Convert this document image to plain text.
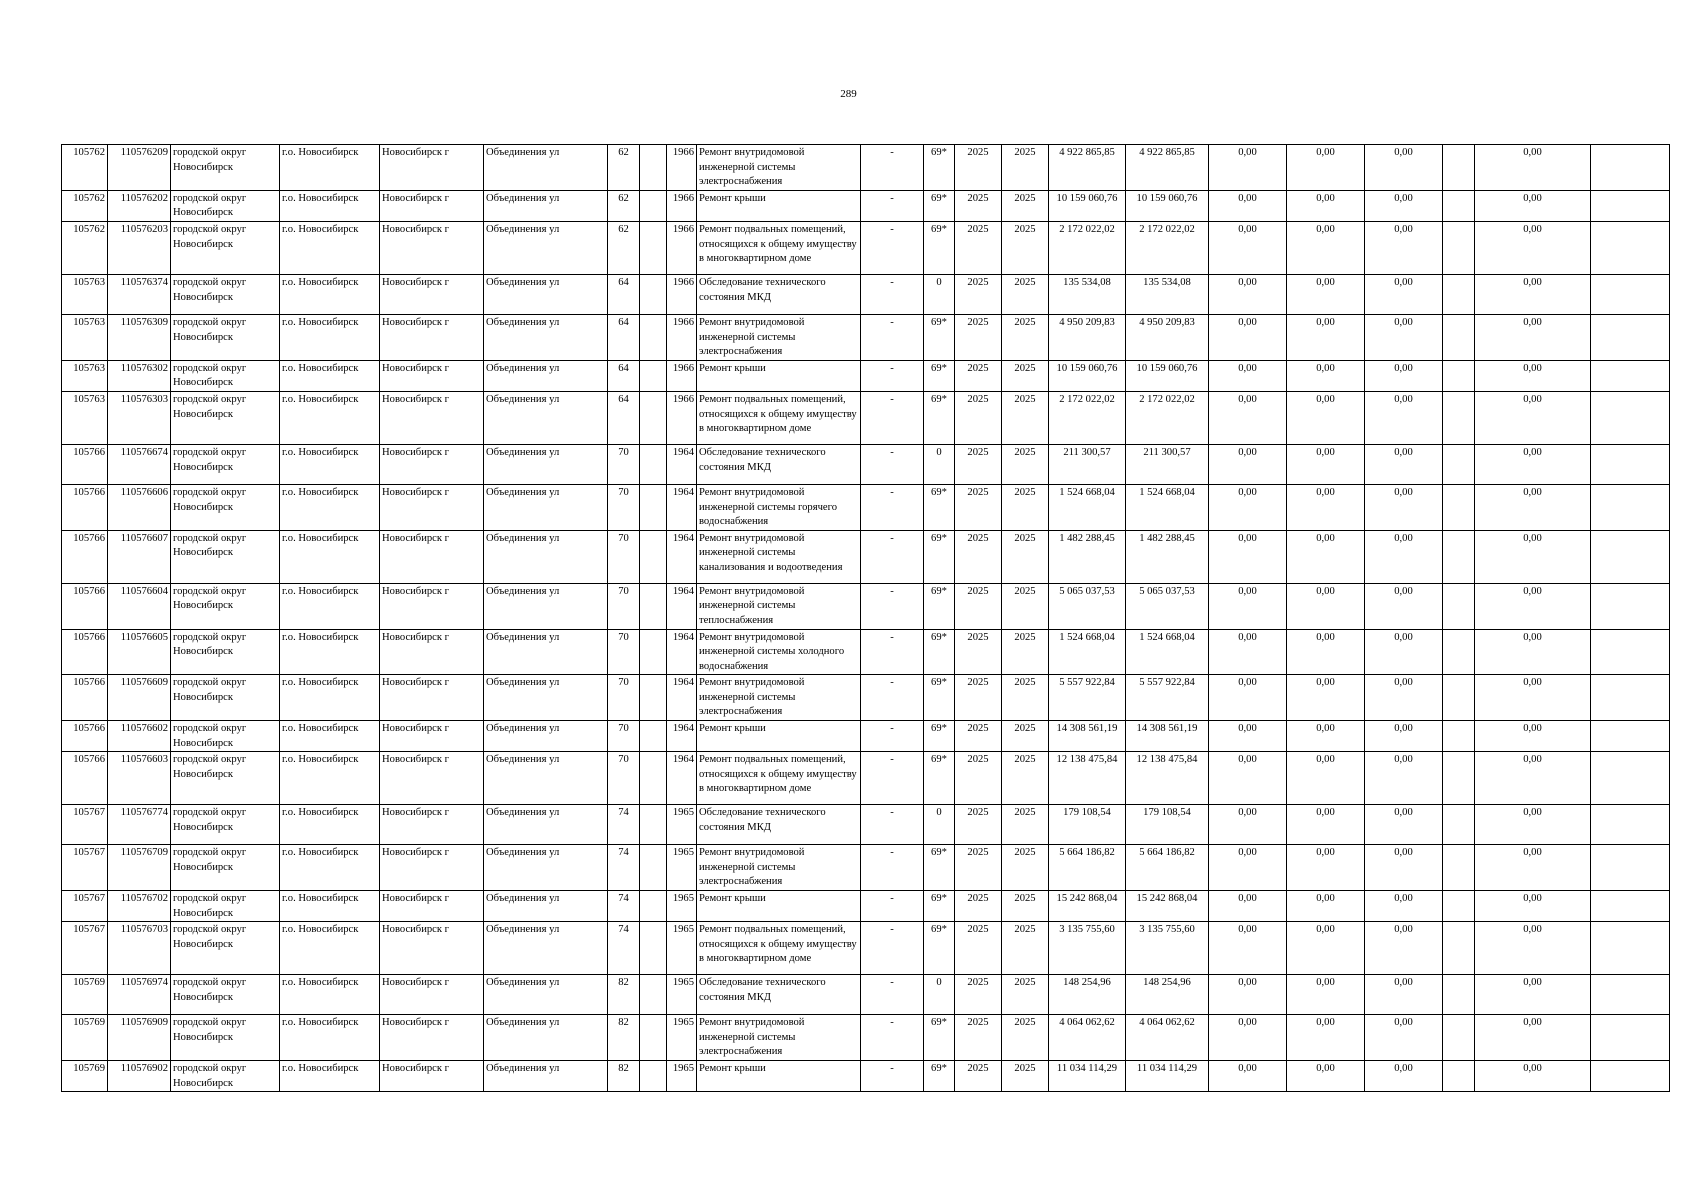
289
105762	110576209	городской округ Новосибирск	г.о. Новосибирск	Новосибирск г	Объединения ул	62		1966	Ремонт внутридомовой инженерной системы электроснабжения	-	69*	2025	2025	4 922 865,85	4 922 865,85	0,00	0,00	0,00		0,00	
105762	110576202	городской округ Новосибирск	г.о. Новосибирск	Новосибирск г	Объединения ул	62		1966	Ремонт крыши	-	69*	2025	2025	10 159 060,76	10 159 060,76	0,00	0,00	0,00		0,00	
105762	110576203	городской округ Новосибирск	г.о. Новосибирск	Новосибирск г	Объединения ул	62		1966	Ремонт подвальных помещений, относящихся к общему имуществу в многоквартирном доме	-	69*	2025	2025	2 172 022,02	2 172 022,02	0,00	0,00	0,00		0,00	
105763	110576374	городской округ Новосибирск	г.о. Новосибирск	Новосибирск г	Объединения ул	64		1966	Обследование технического состояния МКД	-	0	2025	2025	135 534,08	135 534,08	0,00	0,00	0,00		0,00	
105763	110576309	городской округ Новосибирск	г.о. Новосибирск	Новосибирск г	Объединения ул	64		1966	Ремонт внутридомовой инженерной системы электроснабжения	-	69*	2025	2025	4 950 209,83	4 950 209,83	0,00	0,00	0,00		0,00	
105763	110576302	городской округ Новосибирск	г.о. Новосибирск	Новосибирск г	Объединения ул	64		1966	Ремонт крыши	-	69*	2025	2025	10 159 060,76	10 159 060,76	0,00	0,00	0,00		0,00	
105763	110576303	городской округ Новосибирск	г.о. Новосибирск	Новосибирск г	Объединения ул	64		1966	Ремонт подвальных помещений, относящихся к общему имуществу в многоквартирном доме	-	69*	2025	2025	2 172 022,02	2 172 022,02	0,00	0,00	0,00		0,00	
105766	110576674	городской округ Новосибирск	г.о. Новосибирск	Новосибирск г	Объединения ул	70		1964	Обследование технического состояния МКД	-	0	2025	2025	211 300,57	211 300,57	0,00	0,00	0,00		0,00	
105766	110576606	городской округ Новосибирск	г.о. Новосибирск	Новосибирск г	Объединения ул	70		1964	Ремонт внутридомовой инженерной системы горячего водоснабжения	-	69*	2025	2025	1 524 668,04	1 524 668,04	0,00	0,00	0,00		0,00	
105766	110576607	городской округ Новосибирск	г.о. Новосибирск	Новосибирск г	Объединения ул	70		1964	Ремонт внутридомовой инженерной системы канализования и водоотведения	-	69*	2025	2025	1 482 288,45	1 482 288,45	0,00	0,00	0,00		0,00	
105766	110576604	городской округ Новосибирск	г.о. Новосибирск	Новосибирск г	Объединения ул	70		1964	Ремонт внутридомовой инженерной системы теплоснабжения	-	69*	2025	2025	5 065 037,53	5 065 037,53	0,00	0,00	0,00		0,00	
105766	110576605	городской округ Новосибирск	г.о. Новосибирск	Новосибирск г	Объединения ул	70		1964	Ремонт внутридомовой инженерной системы холодного водоснабжения	-	69*	2025	2025	1 524 668,04	1 524 668,04	0,00	0,00	0,00		0,00	
105766	110576609	городской округ Новосибирск	г.о. Новосибирск	Новосибирск г	Объединения ул	70		1964	Ремонт внутридомовой инженерной системы электроснабжения	-	69*	2025	2025	5 557 922,84	5 557 922,84	0,00	0,00	0,00		0,00	
105766	110576602	городской округ Новосибирск	г.о. Новосибирск	Новосибирск г	Объединения ул	70		1964	Ремонт крыши	-	69*	2025	2025	14 308 561,19	14 308 561,19	0,00	0,00	0,00		0,00	
105766	110576603	городской округ Новосибирск	г.о. Новосибирск	Новосибирск г	Объединения ул	70		1964	Ремонт подвальных помещений, относящихся к общему имуществу в многоквартирном доме	-	69*	2025	2025	12 138 475,84	12 138 475,84	0,00	0,00	0,00		0,00	
105767	110576774	городской округ Новосибирск	г.о. Новосибирск	Новосибирск г	Объединения ул	74		1965	Обследование технического состояния МКД	-	0	2025	2025	179 108,54	179 108,54	0,00	0,00	0,00		0,00	
105767	110576709	городской округ Новосибирск	г.о. Новосибирск	Новосибирск г	Объединения ул	74		1965	Ремонт внутридомовой инженерной системы электроснабжения	-	69*	2025	2025	5 664 186,82	5 664 186,82	0,00	0,00	0,00		0,00	
105767	110576702	городской округ Новосибирск	г.о. Новосибирск	Новосибирск г	Объединения ул	74		1965	Ремонт крыши	-	69*	2025	2025	15 242 868,04	15 242 868,04	0,00	0,00	0,00		0,00	
105767	110576703	городской округ Новосибирск	г.о. Новосибирск	Новосибирск г	Объединения ул	74		1965	Ремонт подвальных помещений, относящихся к общему имуществу в многоквартирном доме	-	69*	2025	2025	3 135 755,60	3 135 755,60	0,00	0,00	0,00		0,00	
105769	110576974	городской округ Новосибирск	г.о. Новосибирск	Новосибирск г	Объединения ул	82		1965	Обследование технического состояния МКД	-	0	2025	2025	148 254,96	148 254,96	0,00	0,00	0,00		0,00	
105769	110576909	городской округ Новосибирск	г.о. Новосибирск	Новосибирск г	Объединения ул	82		1965	Ремонт внутридомовой инженерной системы электроснабжения	-	69*	2025	2025	4 064 062,62	4 064 062,62	0,00	0,00	0,00		0,00	
105769	110576902	городской округ Новосибирск	г.о. Новосибирск	Новосибирск г	Объединения ул	82		1965	Ремонт крыши	-	69*	2025	2025	11 034 114,29	11 034 114,29	0,00	0,00	0,00		0,00	
